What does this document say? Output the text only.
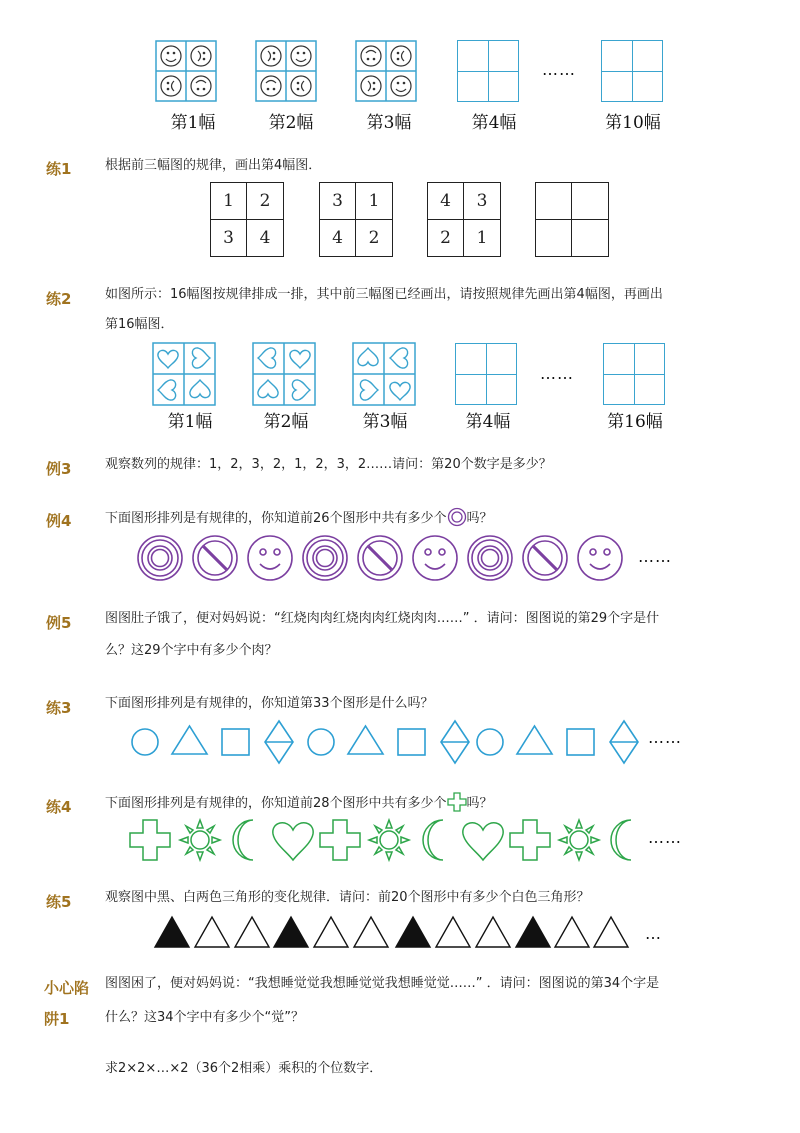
……
第1幅	第2幅	第3幅	第4幅	第10幅
练1	根据前三幅图的规律，画出第4幅图．
1	2
3	4
3	1
4	2
4	3
2	1
练2	如图所示：16幅图按规律排成一排，其中前三幅图已经画出，请按照规律先画出第4幅图，再画出
第16幅图．
……
第1幅	第2幅	第3幅	第4幅	第16幅
例3	观察数列的规律：1，2，3，2，1，2，3，2……请问：第20个数字是多少？
例4	下面图形排列是有规律的，你知道前26个图形中共有多少个 吗？
……
例5	图图肚子饿了，便对妈妈说：“红烧肉肉红烧肉肉红烧肉肉……” ．请问：图图说的第29个字是什
么？这29个字中有多少个肉？
练3	下面图形排列是有规律的，你知道第33个图形是什么吗？
……
练4	下面图形排列是有规律的，你知道前28个图形中共有多少个 吗？
……
练5	观察图中黑、白两色三角形的变化规律．请问：前20个图形中有多少个白色三角形？
…
小心陷
阱1
图图困了，便对妈妈说：“我想睡觉觉我想睡觉觉我想睡觉觉……” ．请问：图图说的第34个字是
什么？这34个字中有多少个“觉”？
求2×2×…×2（36个2相乘）乘积的个位数字．
